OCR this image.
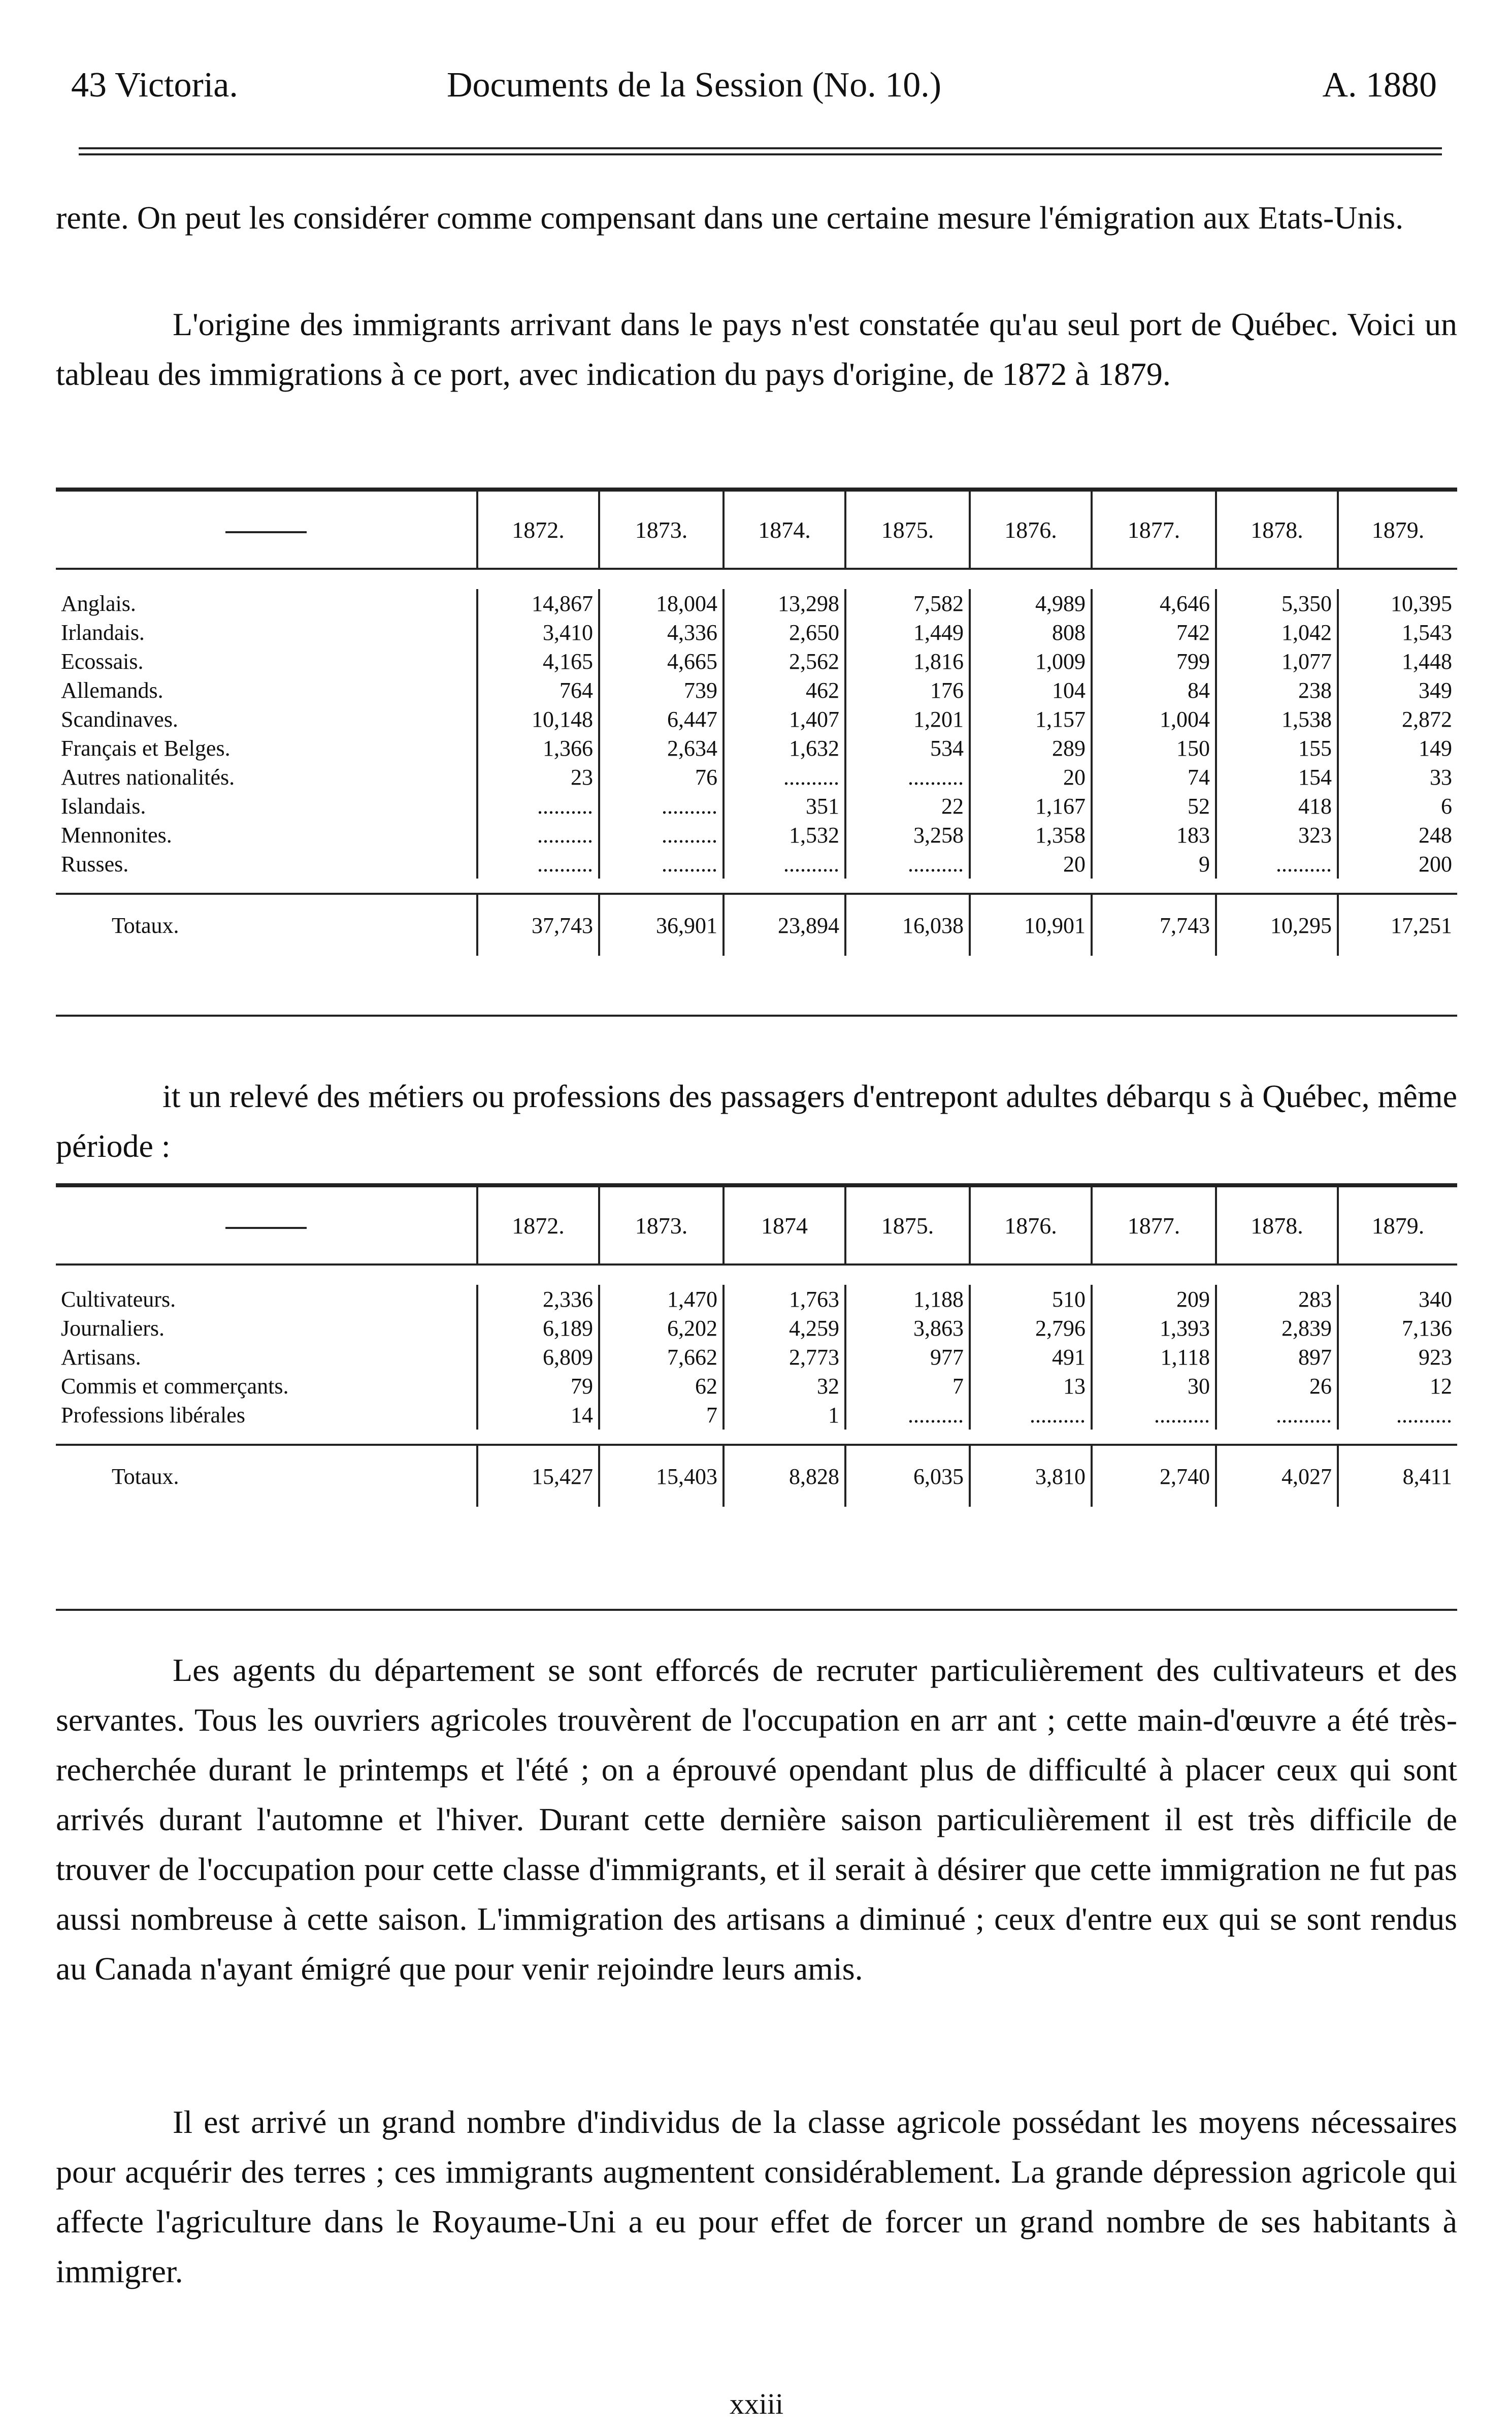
43 Victoria.	Documents de la Session (No. 10.)	A. 1880

rente. On peut les considérer comme compensant dans une certaine mesure l'émigration aux Etats-Unis.

L'origine des immigrants arrivant dans le pays n'est constatée qu'au seul port de Québec. Voici un tableau des immigrations à ce port, avec indication du pays d'origine, de 1872 à 1879.

	1872.	1873.	1874.	1875.	1876.	1877.	1878.	1879.

Anglais.	14,867	18,004	13,298	7,582	4,989	4,646	5,350	10,395
Irlandais.	3,410	4,336	2,650	1,449	808	742	1,042	1,543
Ecossais.	4,165	4,665	2,562	1,816	1,009	799	1,077	1,448
Allemands.	764	739	462	176	104	84	238	349
Scandinaves.	10,148	6,447	1,407	1,201	1,157	1,004	1,538	2,872
Français et Belges.	1,366	2,634	1,632	534	289	150	155	149
Autres nationalités.	23	76	..........	..........	20	74	154	33
Islandais.	..........	..........	351	22	1,167	52	418	6
Mennonites.	..........	..........	1,532	3,258	1,358	183	323	248
Russes.	..........	..........	..........	..........	20	9	..........	200

Totaux.	37,743	36,901	23,894	16,038	10,901	7,743	10,295	17,251

it un relevé des métiers ou professions des passagers d'entrepont adultes débarqu s à Québec, même période :

	1872.	1873.	1874	1875.	1876.	1877.	1878.	1879.

Cultivateurs.	2,336	1,470	1,763	1,188	510	209	283	340
Journaliers.	6,189	6,202	4,259	3,863	2,796	1,393	2,839	7,136
Artisans.	6,809	7,662	2,773	977	491	1,118	897	923
Commis et commerçants.	79	62	32	7	13	30	26	12
Professions libérales	14	7	1	..........	..........	..........	..........	..........

Totaux.	15,427	15,403	8,828	6,035	3,810	2,740	4,027	8,411

Les agents du département se sont efforcés de recruter particulièrement des cultivateurs et des servantes. Tous les ouvriers agricoles trouvèrent de l'occupation en arr ant ; cette main-d'œuvre a été très-recherchée durant le printemps et l'été ; on a éprouvé opendant plus de difficulté à placer ceux qui sont arrivés durant l'automne et l'hiver. Durant cette dernière saison particulièrement il est très difficile de trouver de l'occupation pour cette classe d'immigrants, et il serait à désirer que cette immigration ne fut pas aussi nombreuse à cette saison. L'immigration des artisans a diminué ; ceux d'entre eux qui se sont rendus au Canada n'ayant émigré que pour venir rejoindre leurs amis.

Il est arrivé un grand nombre d'individus de la classe agricole possédant les moyens nécessaires pour acquérir des terres ; ces immigrants augmentent considérablement. La grande dépression agricole qui affecte l'agriculture dans le Royaume-Uni a eu pour effet de forcer un grand nombre de ses habitants à immigrer.

xxiii
